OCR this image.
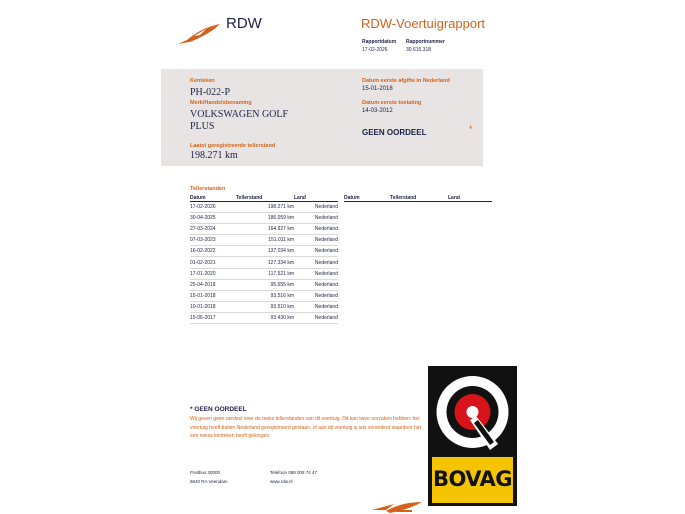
RDW	RDW-Voertuigrapport
Rapportdatum
17-02-2026
Rapportnummer
30.615.318
Kenteken
PH-022-P
Merk/Handelsbenaming
VOLKSWAGEN GOLF
PLUS
Laatst geregistreerde tellerstand
198.271 km
Datum eerste afgifte in Nederland
15-01-2018
Datum eerste toelating
14-03-2012
GEEN OORDEEL	*
Tellerstanden
Datum	Tellerstand	Land
17-02-2026	198.271 km	Nederland
30-04-2025	186.059 km	Nederland
27-03-2024	164.927 km	Nederland
07-03-2023	151.011 km	Nederland
16-02-2022	137.034 km	Nederland
01-02-2021	127.334 km	Nederland
17-01-2020	117.521 km	Nederland
25-04-2018	95.655 km	Nederland
15-01-2018	93.516 km	Nederland
10-01-2018	93.510 km	Nederland
15-06-2017	93.430 km	Nederland
Datum	Tellerstand	Land
* GEEN OORDEEL
Wij geven geen oordeel over de reeks tellerstanden van dit voertuig. Dit kan twee oorzaken hebben: het voertuig heeft buiten Nederland geregistreerd gestaan, of aan dit voertuig is iets veranderd waardoor het een nieuw kenteken heeft gekregen.
Postbus 30000
9640 RA Veendam
Telefoon 088 008 74 47
www.rdw.nl	BOVAG
